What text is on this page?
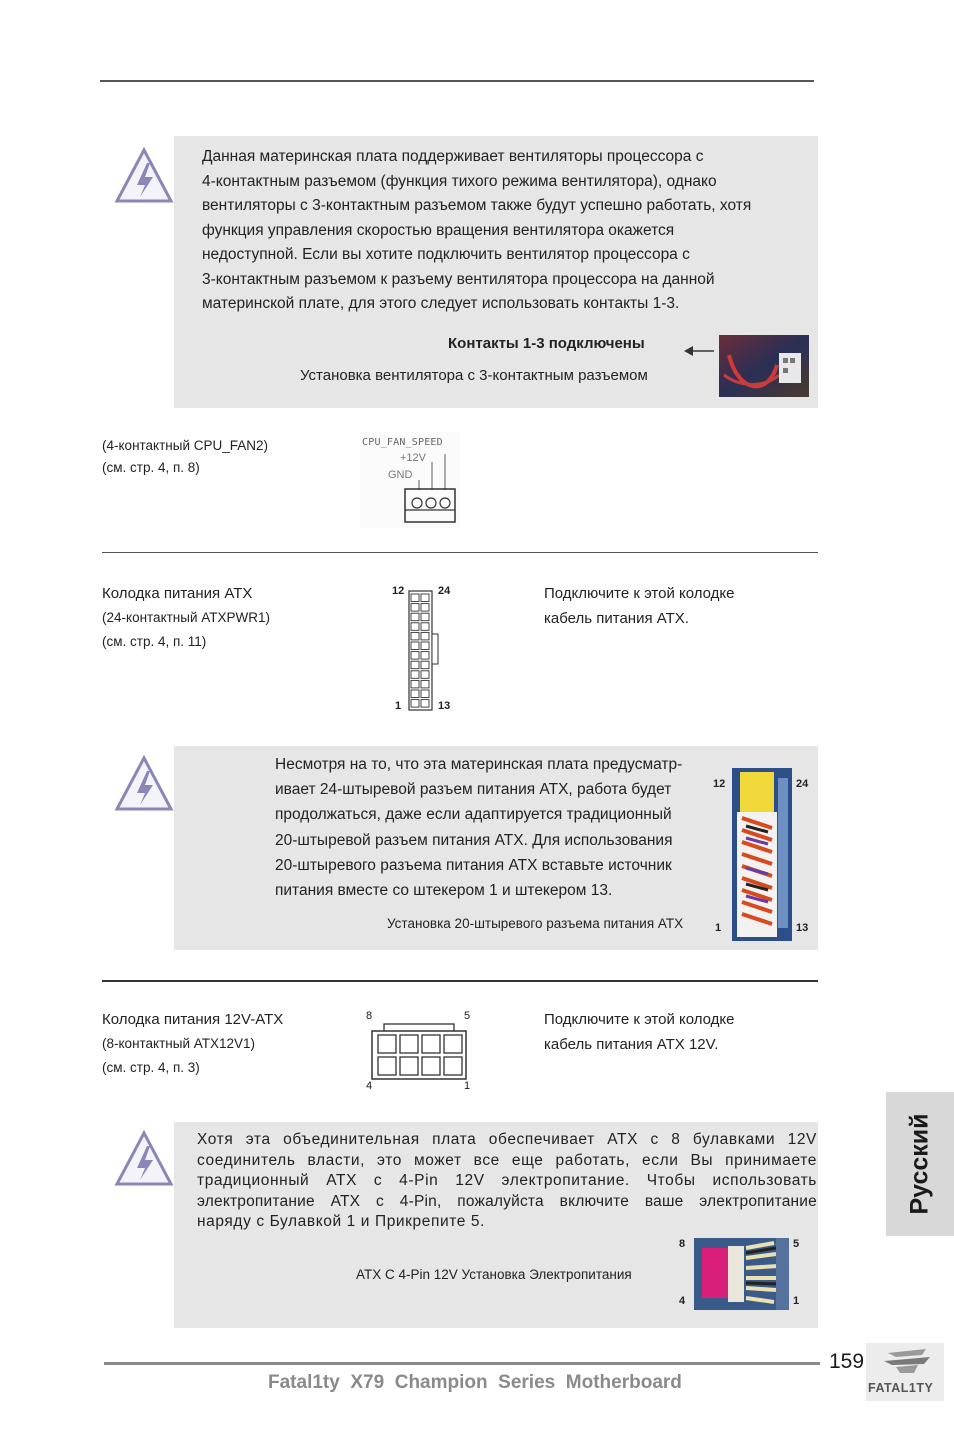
Данная материнская плата поддерживает вентиляторы процессора с
4-контактным разъемом (функция тихого режима вентилятора), однако
вентиляторы с 3-контактным разъемом также будут успешно работать, хотя
функция управления скоростью вращения вентилятора окажется
недоступной. Если вы хотите подключить вентилятор процессора с
3-контактным разъемом к разъему вентилятора процессора на данной
материнской плате, для этого следует использовать контакты 1-3.
Контакты 1-3 подключены
Установка вентилятора с 3-контактным разъемом
(4-контактный CPU_FAN2)
(см. стр. 4, п. 8)
CPU_FAN_SPEED
+12V
GND
Колодка питания ATX
(24-контактный ATXPWR1)
(см. стр. 4, п. 11)
12	24
1	13
Подключите к этой колодке
кабель питания ATX.
Несмотря на то, что эта материнская плата предусматр-
ивает 24-штыревой разъем питания ATX, работа будет
продолжаться, даже если адаптируется традиционный
20-штыревой разъем питания ATX. Для использования
20-штыревого разъема питания ATX вставьте источник
питания вместе со штекером 1 и штекером 13.
Установка 20-штыревого разъема питания ATX
12	24
1	13
Колодка питания 12V-ATX
(8-контактный ATX12V1)
(см. стр. 4, п. 3)
8	5
4	1
Подключите к этой колодке
кабель питания ATX 12V.
Хотя эта объединительная плата обеспечивает ATX с 8 булавками 12V
соединитель власти, это может все еще работать, если Вы принимаете
традиционный ATX с 4-Pin 12V электропитание. Чтобы использовать
электропитание ATX с 4-Pin, пожалуйста включите ваше электропитание
наряду с Булавкой 1 и Прикрепите 5.
ATX С 4-Pin 12V Установка Электропитания
8	5
4	1
Русский
159
Fatal1ty  X79  Champion  Series  Motherboard	FATAL1TY
